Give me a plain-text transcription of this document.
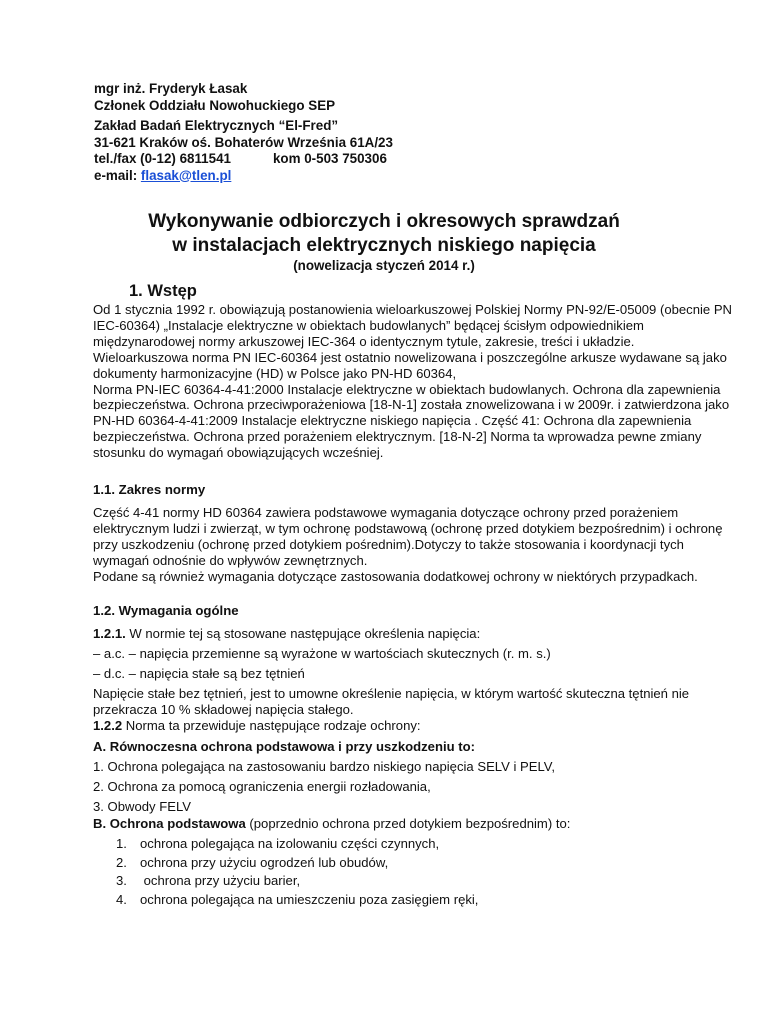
mgr inż. Fryderyk Łasak
Członek Oddziału Nowohuckiego SEP
Zakład Badań Elektrycznych “El-Fred”
31-621 Kraków oś. Bohaterów Września 61A/23
tel./fax (0-12) 6811541	kom 0-503 750306
e-mail: flasak@tlen.pl
Wykonywanie odbiorczych i okresowych sprawdzań
w instalacjach elektrycznych niskiego napięcia
(nowelizacja styczeń 2014 r.)
1. Wstęp

Od 1 stycznia 1992 r. obowiązują postanowienia wieloarkuszowej Polskiej Normy PN-92/E-05009 (obecnie PN IEC-60364) „Instalacje elektryczne w obiektach budowlanych” będącej ścisłym odpowiednikiem międzynarodowej normy arkuszowej IEC-364 o identycznym tytule, zakresie, treści i układzie. Wieloarkuszowa norma PN IEC-60364 jest ostatnio nowelizowana i poszczególne arkusze wydawane są jako dokumenty harmonizacyjne (HD) w Polsce jako PN-HD 60364,

Norma PN-IEC 60364-4-41:2000 Instalacje elektryczne w obiektach budowlanych. Ochrona dla zapewnienia bezpieczeństwa. Ochrona przeciwporażeniowa [18-N-1] została znowelizowana i w 2009r. i zatwierdzona jako PN-HD 60364-4-41:2009 Instalacje elektryczne niskiego napięcia . Część 41: Ochrona dla zapewnienia bezpieczeństwa. Ochrona przed porażeniem elektrycznym. [18-N-2] Norma ta wprowadza pewne zmiany stosunku do wymagań obowiązujących wcześniej.

1.1. Zakres normy

Część 4-41 normy HD 60364 zawiera podstawowe wymagania dotyczące ochrony przed porażeniem elektrycznym ludzi i zwierząt, w tym ochronę podstawową (ochronę przed dotykiem bezpośrednim) i ochronę przy uszkodzeniu (ochronę przed dotykiem pośrednim).Dotyczy to także stosowania i koordynacji tych wymagań odnośnie do wpływów zewnętrznych.

Podane są również wymagania dotyczące zastosowania dodatkowej ochrony w niektórych przypadkach.

1.2. Wymagania ogólne

1.2.1. W normie tej są stosowane następujące określenia napięcia:

– a.c. – napięcia przemienne są wyrażone w wartościach skutecznych (r. m. s.)

– d.c. – napięcia stałe są bez tętnień

Napięcie stałe bez tętnień, jest to umowne określenie napięcia, w którym wartość skuteczna tętnień nie przekracza 10 % składowej napięcia stałego.

1.2.2 Norma ta przewiduje następujące rodzaje ochrony:

A. Równoczesna ochrona podstawowa i przy uszkodzeniu to:

1. Ochrona polegająca na zastosowaniu bardzo niskiego napięcia SELV i PELV,

2. Ochrona za pomocą ograniczenia energii rozładowania,

3. Obwody FELV

B. Ochrona podstawowa (poprzednio ochrona przed dotykiem bezpośrednim) to:

1. ochrona polegająca na izolowaniu części czynnych,
2. ochrona przy użyciu ogrodzeń lub obudów,
3. ochrona przy użyciu barier,
4. ochrona polegająca na umieszczeniu poza zasięgiem ręki,
